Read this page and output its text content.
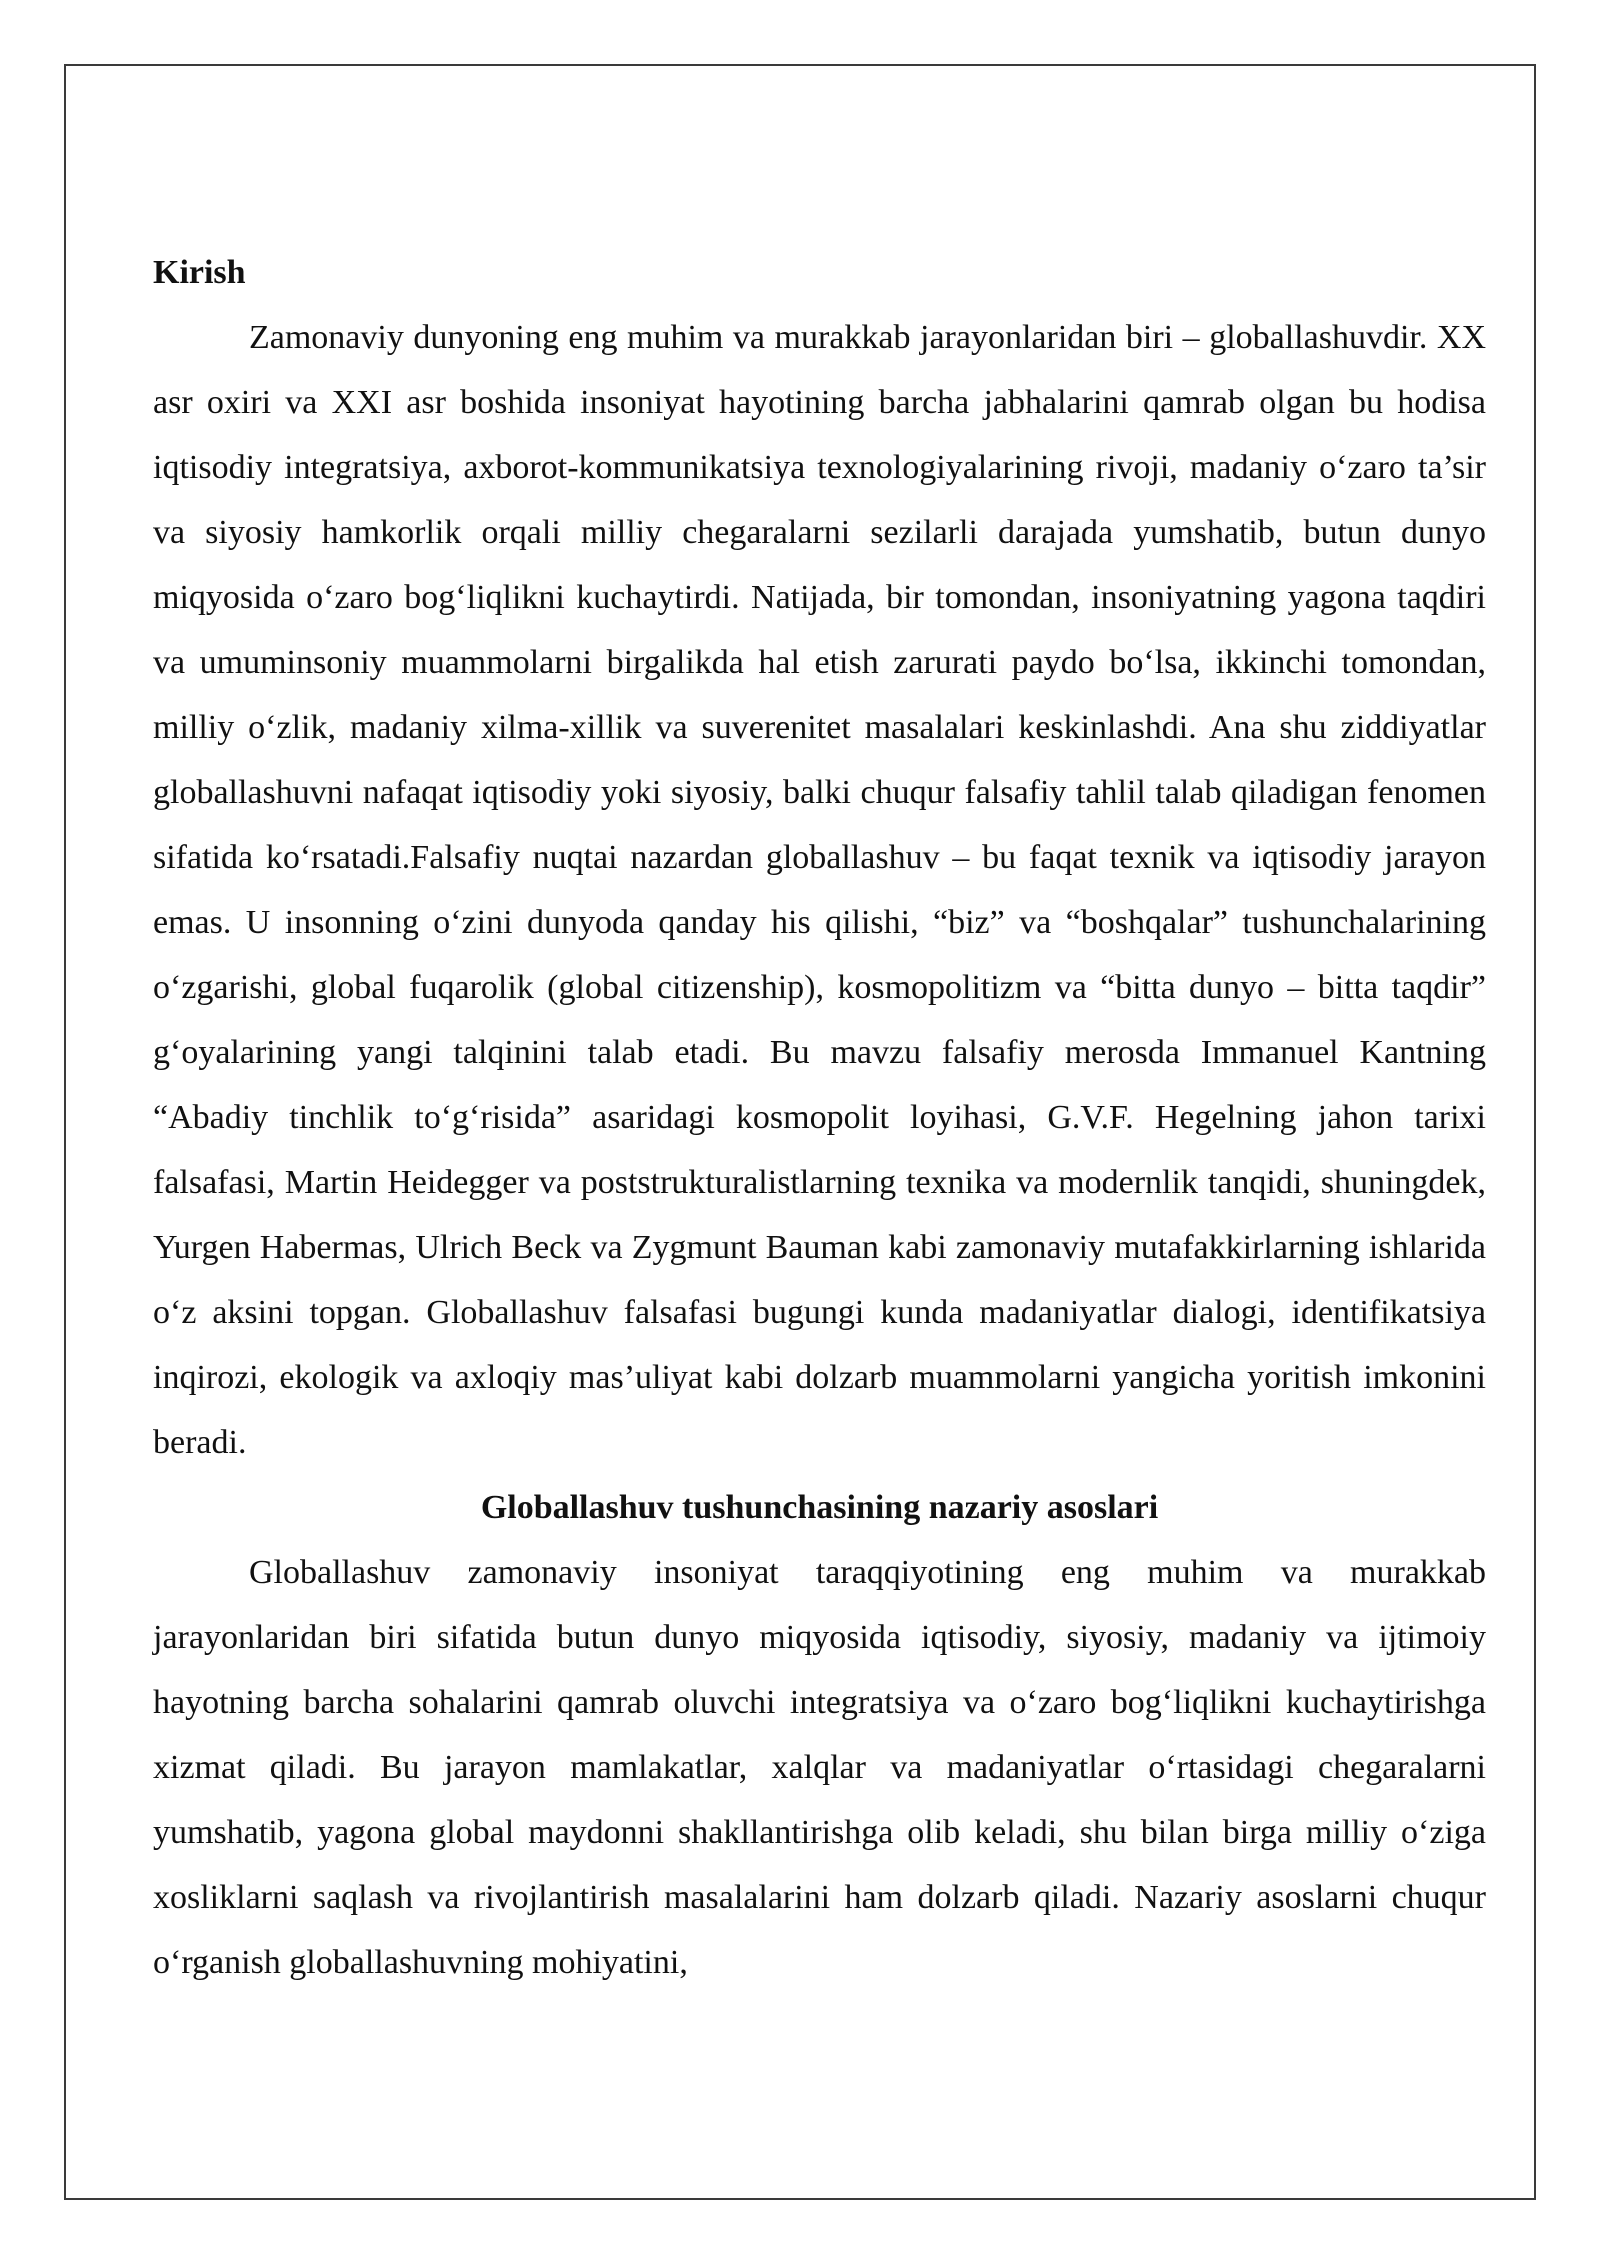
Kirish

Zamonaviy dunyoning eng muhim va murakkab jarayonlaridan biri – globallashuvdir. XX asr oxiri va XXI asr boshida insoniyat hayotining barcha jabhalarini qamrab olgan bu hodisa iqtisodiy integratsiya, axborot-kommunikatsiya texnologiyalarining rivoji, madaniy o‘zaro ta’sir va siyosiy hamkorlik orqali milliy chegaralarni sezilarli darajada yumshatib, butun dunyo miqyosida o‘zaro bog‘liqlikni kuchaytirdi. Natijada, bir tomondan, insoniyatning yagona taqdiri va umuminsoniy muammolarni birgalikda hal etish zarurati paydo bo‘lsa, ikkinchi tomondan, milliy o‘zlik, madaniy xilma-xillik va suverenitet masalalari keskinlashdi. Ana shu ziddiyatlar globallashuvni nafaqat iqtisodiy yoki siyosiy, balki chuqur falsafiy tahlil talab qiladigan fenomen sifatida ko‘rsatadi.Falsafiy nuqtai nazardan globallashuv – bu faqat texnik va iqtisodiy jarayon emas. U insonning o‘zini dunyoda qanday his qilishi, “biz” va “boshqalar” tushunchalarining o‘zgarishi, global fuqarolik (global citizenship), kosmopolitizm va “bitta dunyo – bitta taqdir” g‘oyalarining yangi talqinini talab etadi. Bu mavzu falsafiy merosda Immanuel Kantning “Abadiy tinchlik to‘g‘risida” asaridagi kosmopolit loyihasi, G.V.F. Hegelning jahon tarixi falsafasi, Martin Heidegger va poststrukturalistlarning texnika va modernlik tanqidi, shuningdek, Yurgen Habermas, Ulrich Beck va Zygmunt Bauman kabi zamonaviy mutafakkirlarning ishlarida o‘z aksini topgan. Globallashuv falsafasi bugungi kunda madaniyatlar dialogi, identifikatsiya inqirozi, ekologik va axloqiy mas’uliyat kabi dolzarb muammolarni yangicha yoritish imkonini beradi.

Globallashuv tushunchasining nazariy asoslari

Globallashuv zamonaviy insoniyat taraqqiyotining eng muhim va murakkab jarayonlaridan biri sifatida butun dunyo miqyosida iqtisodiy, siyosiy, madaniy va ijtimoiy hayotning barcha sohalarini qamrab oluvchi integratsiya va o‘zaro bog‘liqlikni kuchaytirishga xizmat qiladi. Bu jarayon mamlakatlar, xalqlar va madaniyatlar o‘rtasidagi chegaralarni yumshatib, yagona global maydonni shakllantirishga olib keladi, shu bilan birga milliy o‘ziga xosliklarni saqlash va rivojlantirish masalalarini ham dolzarb qiladi. Nazariy asoslarni chuqur o‘rganish globallashuvning mohiyatini,
